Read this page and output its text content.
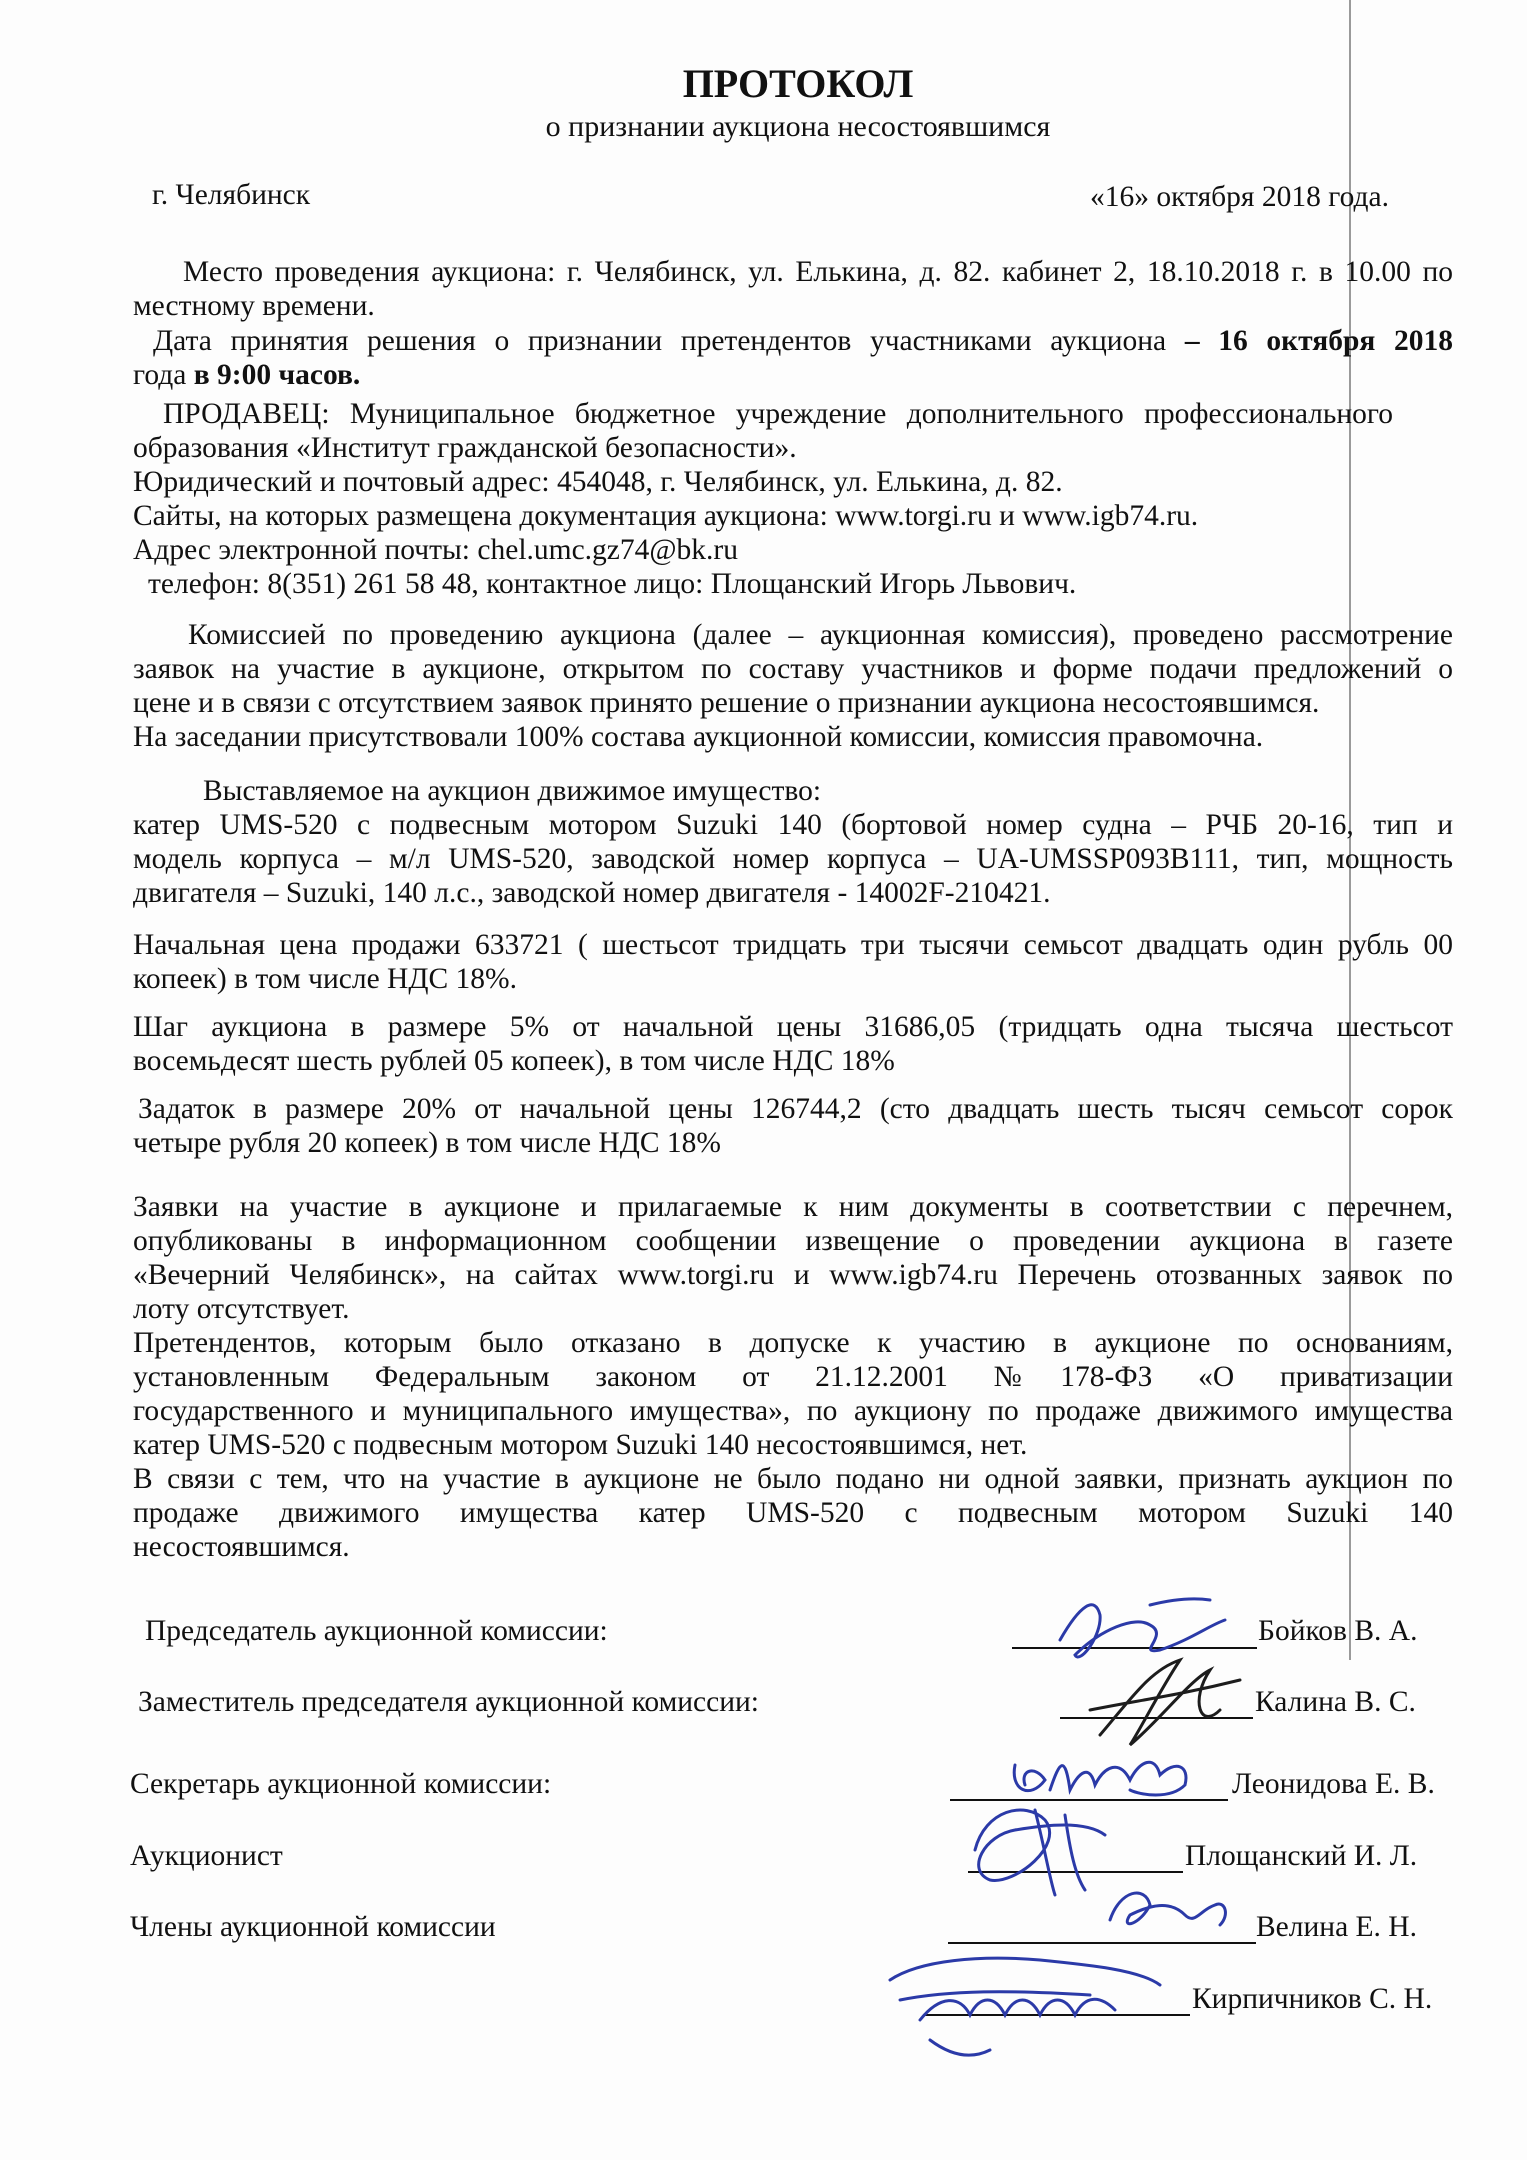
ПРОТОКОЛ
о признании аукциона несостоявшимся
г. Челябинск	«16» октября 2018 года.
Место проведения аукциона: г. Челябинск, ул. Елькина, д. 82. кабинет 2, 18.10.2018 г. в 10.00 по
местному времени.
Дата принятия решения о признании претендентов участниками аукциона – 16 октября 2018
года в 9:00 часов.
ПРОДАВЕЦ: Муниципальное бюджетное учреждение дополнительного профессионального
образования «Институт гражданской безопасности».
Юридический и почтовый адрес: 454048, г. Челябинск, ул. Елькина, д. 82.
Сайты, на которых размещена документация аукциона: www.torgi.ru и www.igb74.ru.
Адрес электронной почты: chel.umc.gz74@bk.ru
телефон: 8(351) 261 58 48, контактное лицо: Площанский Игорь Львович.
Комиссией по проведению аукциона (далее – аукционная комиссия), проведено рассмотрение
заявок на участие в аукционе, открытом по составу участников и форме подачи предложений о
цене и в связи с отсутствием заявок принято решение о признании аукциона несостоявшимся.
На заседании присутствовали 100% состава аукционной комиссии, комиссия правомочна.
Выставляемое на аукцион движимое имущество:
катер UMS-520 с подвесным мотором Suzuki 140 (бортовой номер судна – РЧБ 20-16, тип и
модель корпуса – м/л UMS-520, заводской номер корпуса – UA-UMSSP093B111, тип, мощность
двигателя – Suzuki, 140 л.с., заводской номер двигателя - 14002F-210421.
Начальная цена продажи 633721 ( шестьсот тридцать три тысячи семьсот двадцать один рубль 00
копеек) в том числе НДС 18%.
Шаг аукциона в размере 5% от начальной цены 31686,05 (тридцать одна тысяча шестьсот
восемьдесят шесть рублей 05 копеек), в том числе НДС 18%
Задаток в размере 20% от начальной цены 126744,2 (сто двадцать шесть тысяч семьсот сорок
четыре рубля 20 копеек) в том числе НДС 18%
Заявки на участие в аукционе и прилагаемые к ним документы в соответствии с перечнем,
опубликованы в информационном сообщении извещение о проведении аукциона в газете
«Вечерний Челябинск», на сайтах www.torgi.ru и www.igb74.ru Перечень отозванных заявок по
лоту отсутствует.
Претендентов, которым было отказано в допуске к участию в аукционе по основаниям,
установленным Федеральным законом от 21.12.2001 №178-ФЗ «О приватизации
государственного и муниципального имущества», по аукциону по продаже движимого имущества
катер UMS-520 с подвесным мотором Suzuki 140 несостоявшимся, нет.
В связи с тем, что на участие в аукционе не было подано ни одной заявки, признать аукцион по
продаже движимого имущества катер UMS-520 с подвесным мотором Suzuki 140
несостоявшимся.
Председатель аукционной комиссии:	Бойков В. А.
Заместитель председателя аукционной комиссии:	Калина В. С.
Секретарь аукционной комиссии:	Леонидова Е. В.
Аукционист	Площанский И. Л.
Члены аукционной комиссии	Велина Е. Н.
Кирпичников С. Н.
